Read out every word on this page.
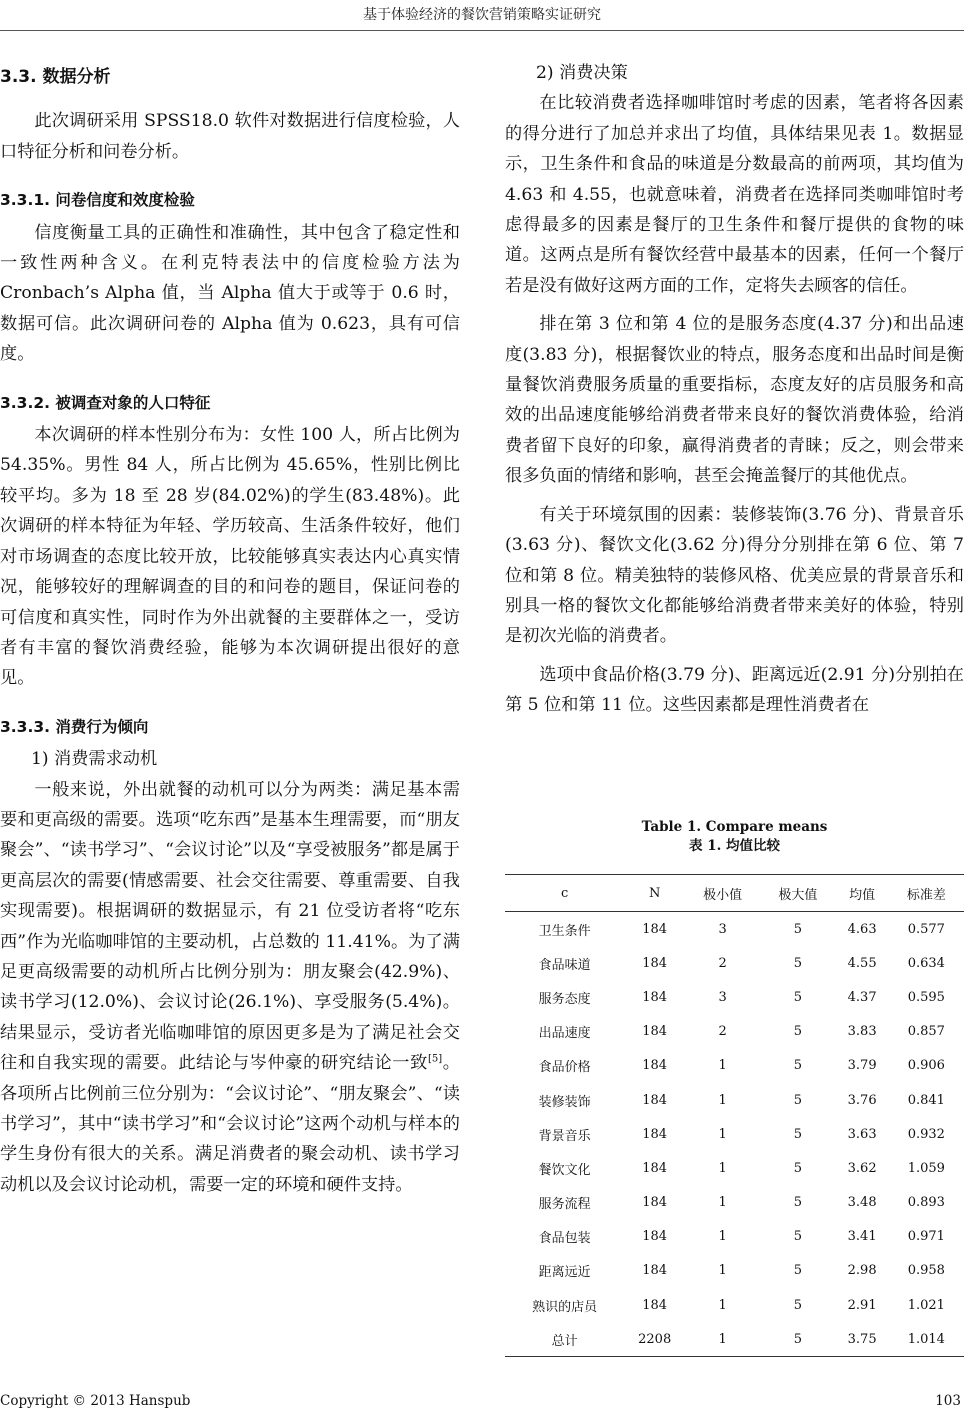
基于体验经济的餐饮营销策略实证研究

3.3. 数据分析

此次调研采用 SPSS18.0 软件对数据进行信度检验，人口特征分析和问卷分析。

3.3.1. 问卷信度和效度检验

信度衡量工具的正确性和准确性，其中包含了稳定性和一致性两种含义。在利克特表法中的信度检验方法为 Cronbach’s Alpha 值，当 Alpha 值大于或等于 0.6 时，数据可信。此次调研问卷的 Alpha 值为 0.623，具有可信度。

3.3.2. 被调查对象的人口特征

本次调研的样本性别分布为：女性 100 人，所占比例为 54.35%。男性 84 人，所占比例为 45.65%，性别比例比较平均。多为 18 至 28 岁(84.02%)的学生(83.48%)。此次调研的样本特征为年轻、学历较高、生活条件较好，他们对市场调查的态度比较开放，比较能够真实表达内心真实情况，能够较好的理解调查的目的和问卷的题目，保证问卷的可信度和真实性，同时作为外出就餐的主要群体之一，受访者有丰富的餐饮消费经验，能够为本次调研提出很好的意见。

3.3.3. 消费行为倾向

1) 消费需求动机

一般来说，外出就餐的动机可以分为两类：满足基本需要和更高级的需要。选项“吃东西”是基本生理需要，而“朋友聚会”、“读书学习”、“会议讨论”以及“享受被服务”都是属于更高层次的需要(情感需要、社会交往需要、尊重需要、自我实现需要)。根据调研的数据显示，有 21 位受访者将“吃东西”作为光临咖啡馆的主要动机，占总数的 11.41%。为了满足更高级需要的动机所占比例分别为：朋友聚会(42.9%)、读书学习(12.0%)、会议讨论(26.1%)、享受服务(5.4%)。结果显示，受访者光临咖啡馆的原因更多是为了满足社会交往和自我实现的需要。此结论与岑仲豪的研究结论一致[5]。各项所占比例前三位分别为：“会议讨论”、“朋友聚会”、“读书学习”，其中“读书学习”和“会议讨论”这两个动机与样本的学生身份有很大的关系。满足消费者的聚会动机、读书学习动机以及会议讨论动机，需要一定的环境和硬件支持。

2) 消费决策

在比较消费者选择咖啡馆时考虑的因素，笔者将各因素的得分进行了加总并求出了均值，具体结果见表 1。数据显示，卫生条件和食品的味道是分数最高的前两项，其均值为 4.63 和 4.55，也就意味着，消费者在选择同类咖啡馆时考虑得最多的因素是餐厅的卫生条件和餐厅提供的食物的味道。这两点是所有餐饮经营中最基本的因素，任何一个餐厅若是没有做好这两方面的工作，定将失去顾客的信任。

排在第 3 位和第 4 位的是服务态度(4.37 分)和出品速度(3.83 分)，根据餐饮业的特点，服务态度和出品时间是衡量餐饮消费服务质量的重要指标，态度友好的店员服务和高效的出品速度能够给消费者带来良好的餐饮消费体验，给消费者留下良好的印象，赢得消费者的青睐；反之，则会带来很多负面的情绪和影响，甚至会掩盖餐厅的其他优点。

有关于环境氛围的因素：装修装饰(3.76 分)、背景音乐(3.63 分)、餐饮文化(3.62 分)得分分别排在第 6 位、第 7 位和第 8 位。精美独特的装修风格、优美应景的背景音乐和别具一格的餐饮文化都能够给消费者带来美好的体验，特别是初次光临的消费者。

选项中食品价格(3.79 分)、距离远近(2.91 分)分别拍在第 5 位和第 11 位。这些因素都是理性消费者在

Table 1. Compare means
表 1. 均值比较
c	N	极小值	极大值	均值	标准差
卫生条件	184	3	5	4.63	0.577
食品味道	184	2	5	4.55	0.634
服务态度	184	3	5	4.37	0.595
出品速度	184	2	5	3.83	0.857
食品价格	184	1	5	3.79	0.906
装修装饰	184	1	5	3.76	0.841
背景音乐	184	1	5	3.63	0.932
餐饮文化	184	1	5	3.62	1.059
服务流程	184	1	5	3.48	0.893
食品包装	184	1	5	3.41	0.971
距离远近	184	1	5	2.98	0.958
熟识的店员	184	1	5	2.91	1.021
总计	2208	1	5	3.75	1.014
Copyright © 2013 Hanspub	103
